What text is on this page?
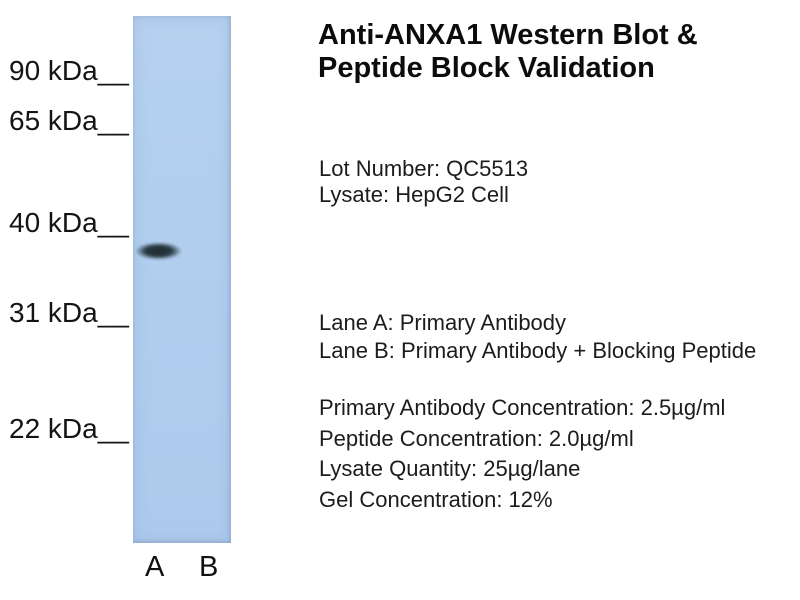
90 kDa__
65 kDa__
40 kDa__
31 kDa__
22 kDa__
A B
Anti-ANXA1 Western Blot &
Peptide Block Validation
Lot Number: QC5513
Lysate: HepG2 Cell
Lane A: Primary Antibody
Lane B: Primary Antibody + Blocking Peptide
Primary Antibody Concentration: 2.5µg/ml
Peptide Concentration: 2.0µg/ml
Lysate Quantity: 25µg/lane
Gel Concentration: 12%
